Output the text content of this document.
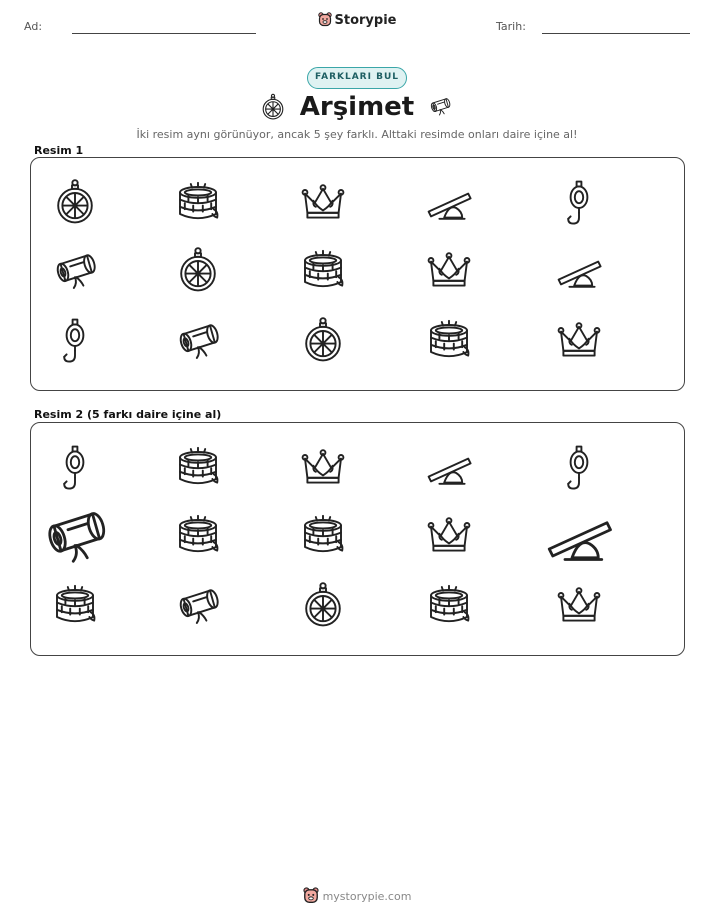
Ad:	Storypie	Tarih:
FARKLARI BUL
Arşimet
İki resim aynı görünüyor, ancak 5 şey farklı. Alttaki resimde onları daire içine al!
Resim 1
Resim 2 (5 farkı daire içine al)
mystorypie.com
